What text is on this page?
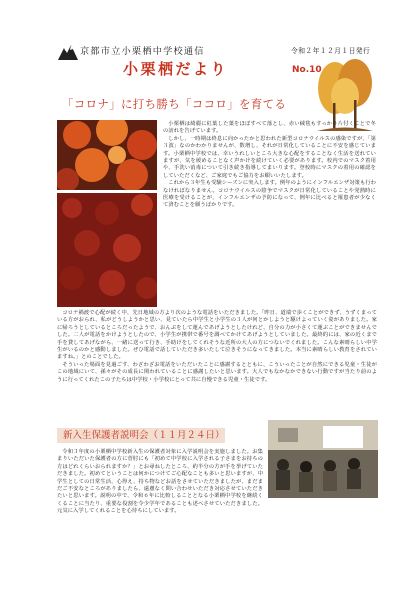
京都市立小栗栖中学校通信	令和２年１２月１日発行
小栗栖だより	No.10
「コロナ」に打ち勝ち「ココロ」を育てる

小栗栖は綺麗に紅葉した葉をほぼすべて落とし、赤い絨毯もすっかり片付くことで冬の訪れを告げています。

しかし、一時期は終息に向かったかと思われた新型コロナウイルスの感染ですが、「第３波」なのかわかりませんが、数増し、それが日常化していることに不安を感じています。小栗栖中学校では、幸いうれしいところ大きな心配をすることなく生活を送れていますが、気を緩めることなく声かけを続けていく必要があります。校内でのマスク着用や、手洗い消毒について引き続き指導してまいります。登校時にマスクの着用の確認をしていただくなど、ご家庭でもご協力をお願いいたします。

これから３年生も受験シーズンに突入します。例年のようにインフルエンザ対策も行わなければなりません。コロナウイルスの陰争でマスクが日常化していることや発熱時に医療を受けることが、インフルエンザの予防になって、例年に比べると罹患者が少なくて済むことを願うばかりです。

コロナ禍渡で心配が続く中、先日地域の方より次のような電話をいただきました。「昨日、道端で歩くことができず、うずくまっている方がおられ、私がどうしようかと思い、見ていたら中学生と小学生の３人が何とかしようと駆けよっていく姿がありました。家に帰ろうとしているところだったようで、おんぶをして運んであげようとしたけれど、自分の力が小さくて運ぶことができませんでした。二人が電話をかけようとしたので、小学生が携帯で番号を調べてかけてあげようとしていました。最終的には、家の近くまで手を貸してあげながら、一緒に送って行き、手助けをしてくれそうな近所の大人の方につないでくれました。こんな素晴らしい中学生がいるのかと感動しました。ぜひ電話で話していただき多いたして泣きそうになってきました。本当に素晴らしい教育をされていますね。」とのことでした。

そういった場面を見過ごす、わざわざお電話をいただいたことに感謝するとともに、こういったことが自然にできる児童・生徒がこの地域にいて、孫々がその成長に関われていることに感謝したいと思います。大人でもなかなかできない行動ですが当たり前のように行ってくれたこの子たちは中学校・小学校にとって共に自慢できる児童・生徒です。

新入生保護者説明会（１１月２４日）

令和３年度の小栗栖中学校新入生の保護者対象に入学説明会を実施しました。お集まりいただいた保護者の方に菅肘にも「初めて中学校に入学される子さまをお持ちの方はどれくらいおられますか？」とお尋ねしたところ、約半分の方が手を挙げていただきました。初めてということは何かにつけてご心配なことも多いと思いますが、中学生としての日常生活、心得え、持ち物などお話をさせていただきましたが、まだまだご不安なところがありましたら、遠慮なく問い合わせいただき対応させていただきたいと思います。説明の中で、令和６年に比較しることとなる小栗栖中学校を継続くくることに当たり、重要な役割を令少学年であることも述べさせていただきました。元気に入学してくれることを心待ちにしています。
